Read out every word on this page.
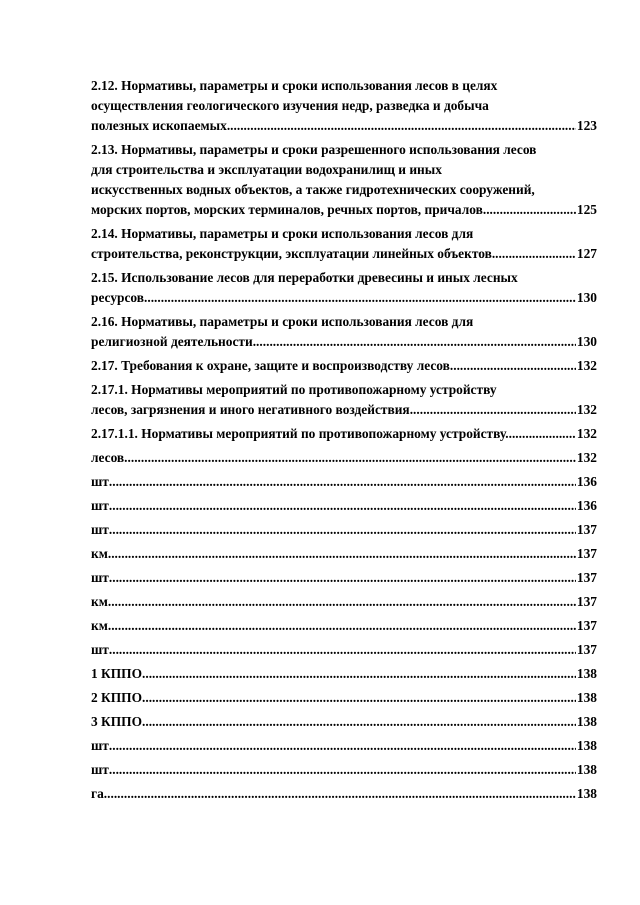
2.12. Нормативы, параметры и сроки использования лесов в целях
осуществления геологического изучения недр, разведка и добыча
полезных ископаемых .....	123
2.13. Нормативы, параметры и сроки разрешенного использования лесов
для строительства и эксплуатации водохранилищ и иных
искусственных водных объектов, а также гидротехнических сооружений,
морских портов, морских терминалов, речных портов, причалов .....	125
2.14. Нормативы, параметры и сроки использования лесов для
строительства, реконструкции, эксплуатации линейных объектов .....	127
2.15. Использование лесов для переработки древесины и иных лесных
ресурсов .....	130
2.16. Нормативы, параметры и сроки использования лесов для
религиозной деятельности .....	130
2.17. Требования к охране, защите и воспроизводству лесов .....	132
2.17.1. Нормативы мероприятий по противопожарному устройству
лесов, загрязнения и иного негативного воздействия .....	132
2.17.1.1. Нормативы мероприятий по противопожарному устройству. .....	132
лесов .....	132
шт .....	136
шт .....	136
шт .....	137
км .....	137
шт .....	137
км .....	137
км .....	137
шт .....	137
1 КППО .....	138
2 КППО .....	138
3 КППО .....	138
шт .....	138
шт .....	138
га .....	138
